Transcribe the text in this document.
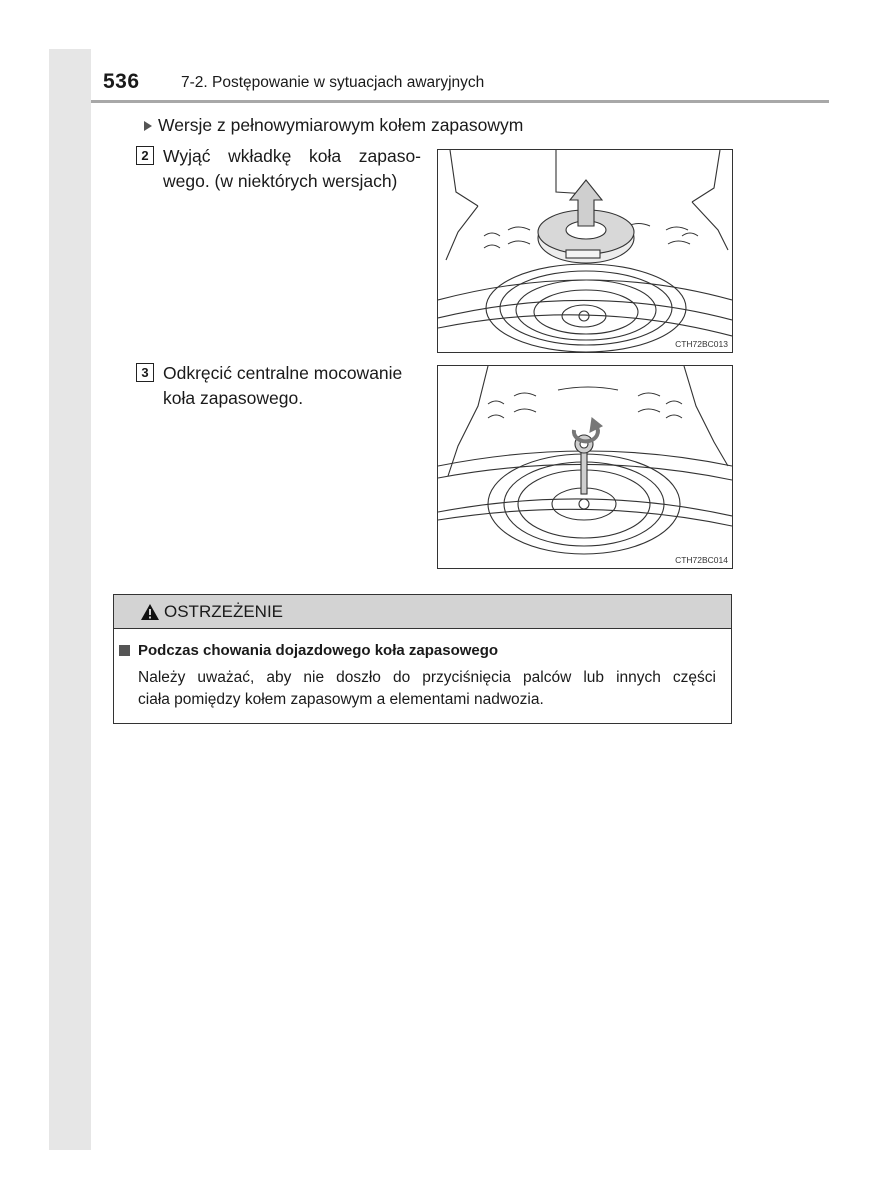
536	7-2. Postępowanie w sytuacjach awaryjnych
Wersje z pełnowymiarowym kołem zapasowym
2 Wyjąć wkładkę koła zapaso-
wego. (w niektórych wersjach)
CTH72BC013
3 Odkręcić centralne mocowanie
koła zapasowego.
CTH72BC014
OSTRZEŻENIE
Podczas chowania dojazdowego koła zapasowego
Należy uważać, aby nie doszło do przyciśnięcia palców lub innych części
ciała pomiędzy kołem zapasowym a elementami nadwozia.
